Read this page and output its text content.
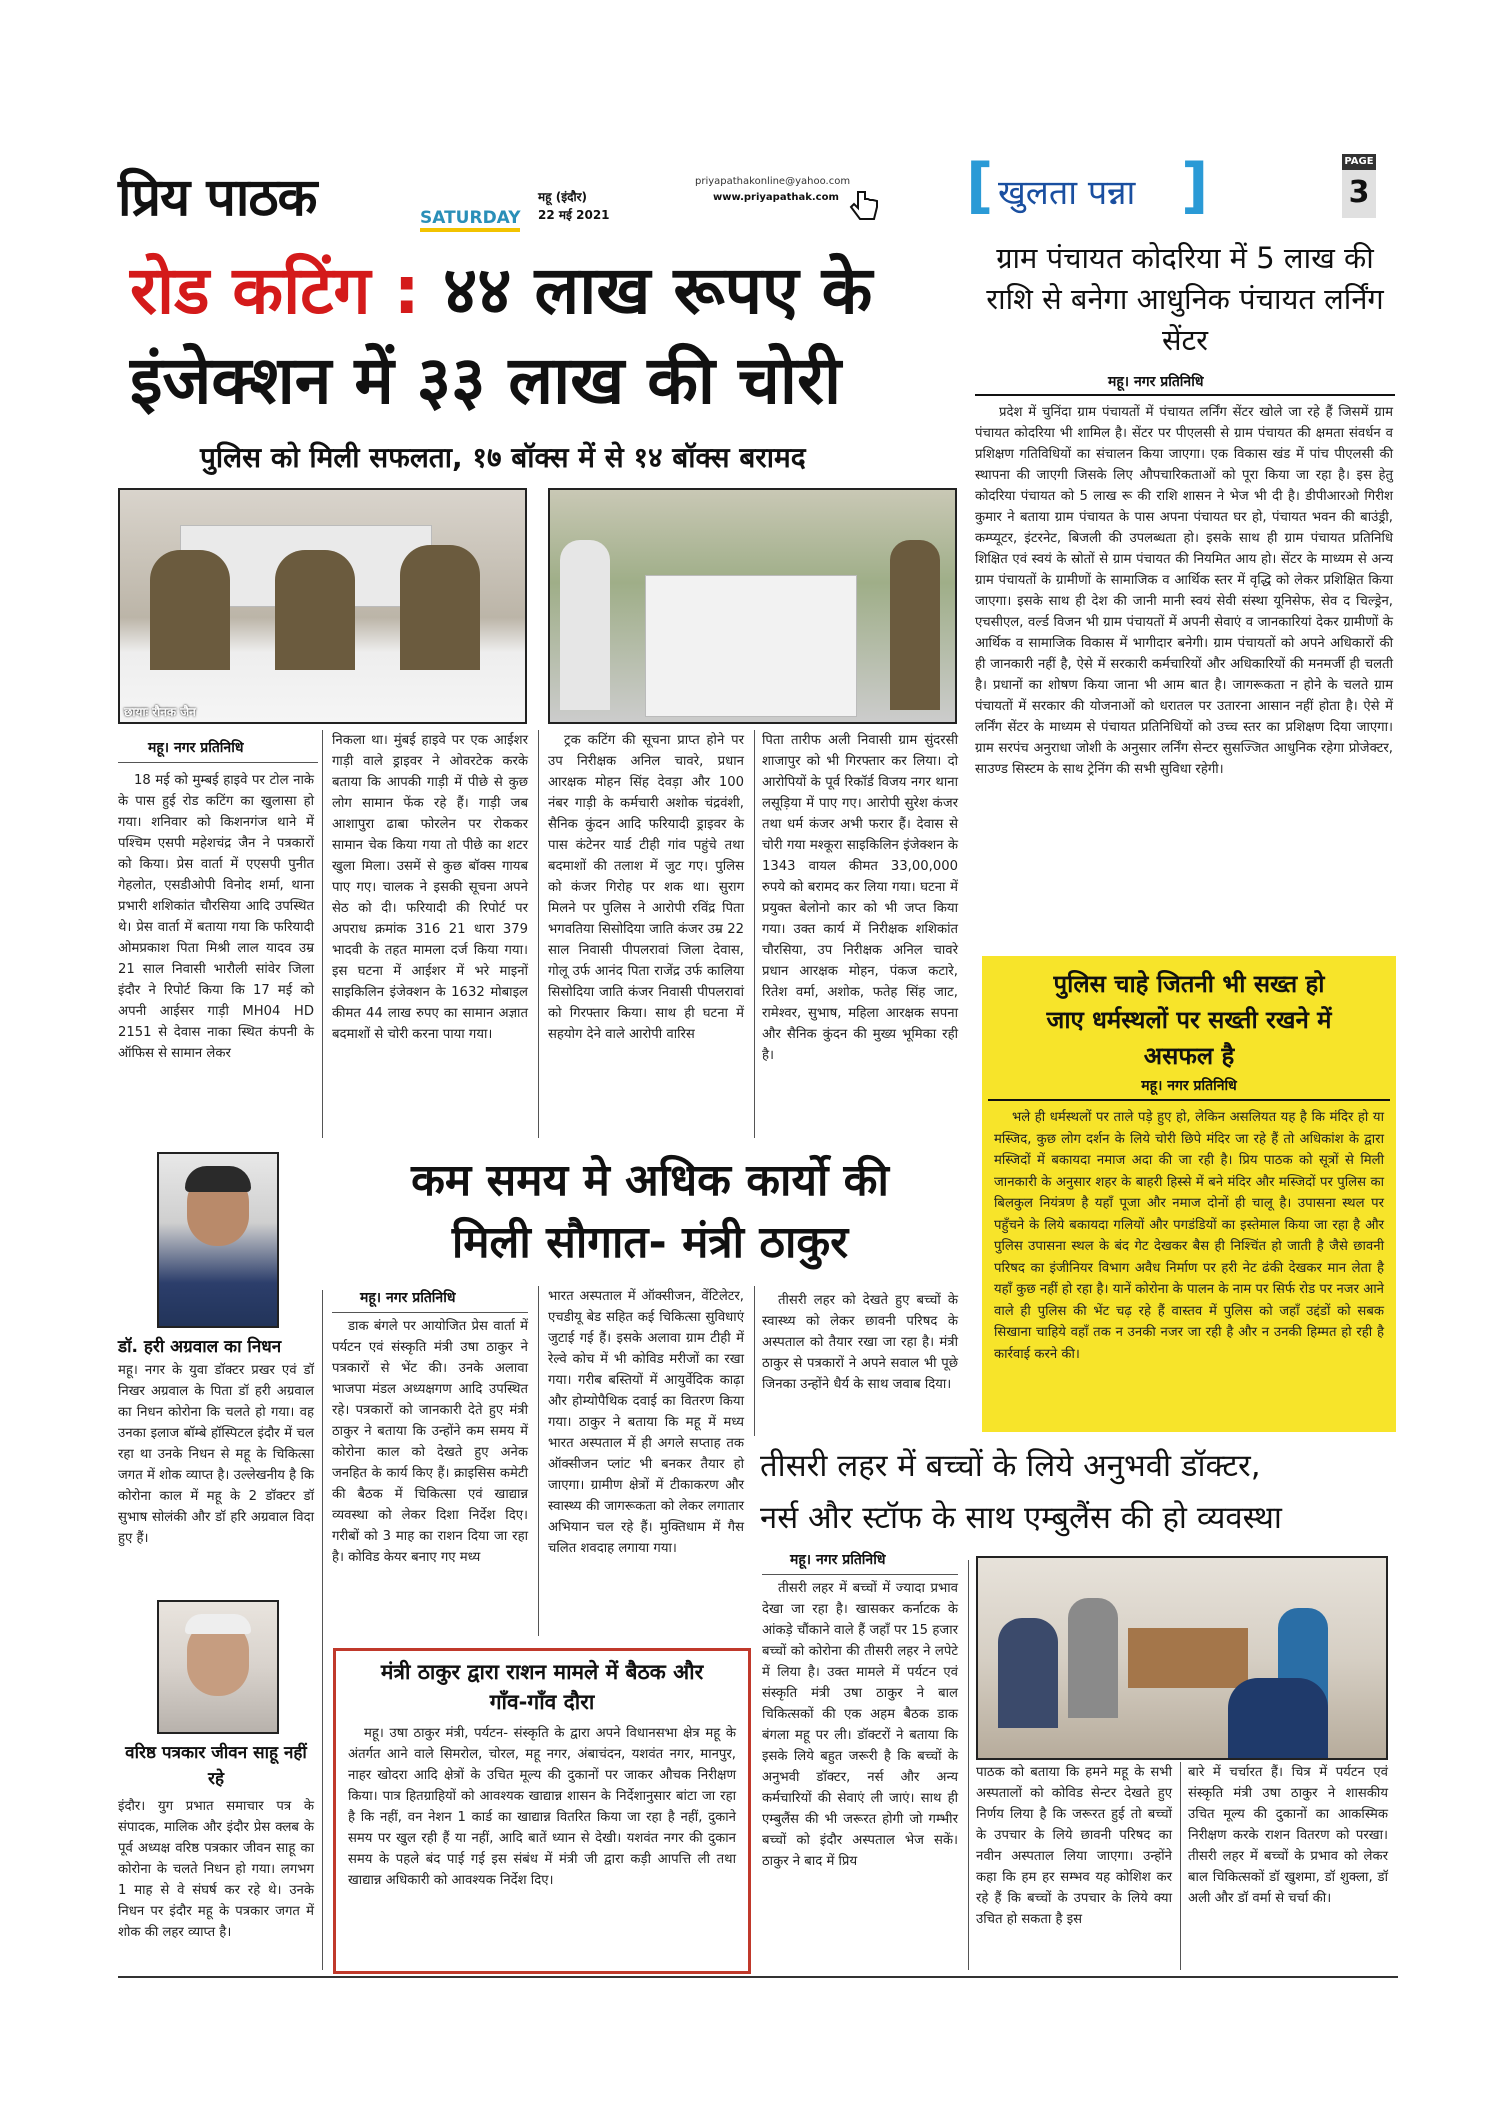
प्रिय पाठक	SATURDAY
महू (इंदौर)
22 मई 2021
priyapathakonline@yahoo.com
www.priyapathak.com [ खुलता पन्ना ]	PAGE
3
रोड कटिंग : ४४ लाख रूपए के
इंजेक्शन में ३३ लाख की चोरी
पुलिस को मिली सफलता, १७ बॉक्स में से १४ बॉक्स बरामद
छायाः रौनक जैन
महू। नगर प्रतिनिधि
18 मई को मुम्बई हाइवे पर टोल नाके के पास हुई रोड कटिंग का खुलासा हो गया। शनिवार को किशनगंज थाने में पश्चिम एसपी महेशचंद्र जैन ने पत्रकारों को किया। प्रेस वार्ता में एएसपी पुनीत गेहलोत, एसडीओपी विनोद शर्मा, थाना प्रभारी शशिकांत चौरसिया आदि उपस्थित थे। प्रेस वार्ता में बताया गया कि फरियादी ओमप्रकाश पिता मिश्री लाल यादव उम्र 21 साल निवासी भारौली सांवेर जिला इंदौर ने रिपोर्ट किया कि 17 मई को अपनी आईसर गाड़ी MH04 HD 2151 से देवास नाका स्थित कंपनी के ऑफिस से सामान लेकर
निकला था। मुंबई हाइवे पर एक आईशर गाड़ी वाले ड्राइवर ने ओवरटेक करके बताया कि आपकी गाड़ी में पीछे से कुछ लोग सामान फेंक रहे हैं। गाड़ी जब आशापुरा ढाबा फोरलेन पर रोककर सामान चेक किया गया तो पीछे का शटर खुला मिला। उसमें से कुछ बॉक्स गायब पाए गए। चालक ने इसकी सूचना अपने सेठ को दी। फरियादी की रिपोर्ट पर अपराध क्रमांक 316 21 धारा 379 भादवी के तहत मामला दर्ज किया गया। इस घटना में आईशर में भरे माइनों साइकिलिन इंजेक्शन के 1632 मोबाइल कीमत 44 लाख रुपए का सामान अज्ञात बदमाशों से चोरी करना पाया गया।
ट्रक कटिंग की सूचना प्राप्त होने पर उप निरीक्षक अनिल चावरे, प्रधान आरक्षक मोहन सिंह देवड़ा और 100 नंबर गाड़ी के कर्मचारी अशोक चंद्रवंशी, सैनिक कुंदन आदि फरियादी ड्राइवर के पास कंटेनर यार्ड टीही गांव पहुंचे तथा बदमाशों की तलाश में जुट गए। पुलिस को कंजर गिरोह पर शक था। सुराग मिलने पर पुलिस ने आरोपी रविंद्र पिता भगवतिया सिसोदिया जाति कंजर उम्र 22 साल निवासी पीपलरावां जिला देवास, गोलू उर्फ आनंद पिता राजेंद्र उर्फ कालिया सिसोदिया जाति कंजर निवासी पीपलरावां को गिरफ्तार किया। साथ ही घटना में सहयोग देने वाले आरोपी वारिस
पिता तारीफ अली निवासी ग्राम सुंदरसी शाजापुर को भी गिरफ्तार कर लिया। दो आरोपियों के पूर्व रिकॉर्ड विजय नगर थाना लसूड़िया में पाए गए। आरोपी सुरेश कंजर तथा धर्म कंजर अभी फरार हैं। देवास से चोरी गया मश्कूरा साइकिलिन इंजेक्शन के 1343 वायल कीमत 33,00,000 रुपये को बरामद कर लिया गया। घटना में प्रयुक्त बेलोनो कार को भी जप्त किया गया। उक्त कार्य में निरीक्षक शशिकांत चौरसिया, उप निरीक्षक अनिल चावरे प्रधान आरक्षक मोहन, पंकज कटारे, रितेश वर्मा, अशोक, फतेह सिंह जाट, रामेश्वर, सुभाष, महिला आरक्षक सपना और सैनिक कुंदन की मुख्य भूमिका रही है।
ग्राम पंचायत कोदरिया में 5 लाख की राशि से बनेगा आधुनिक पंचायत लर्निंग सेंटर
महू। नगर प्रतिनिधि
प्रदेश में चुनिंदा ग्राम पंचायतों में पंचायत लर्निंग सेंटर खोले जा रहे हैं जिसमें ग्राम पंचायत कोदरिया भी शामिल है। सेंटर पर पीएलसी से ग्राम पंचायत की क्षमता संवर्धन व प्रशिक्षण गतिविधियों का संचालन किया जाएगा। एक विकास खंड में पांच पीएलसी की स्थापना की जाएगी जिसके लिए औपचारिकताओं को पूरा किया जा रहा है। इस हेतु कोदरिया पंचायत को 5 लाख रू की राशि शासन ने भेज भी दी है। डीपीआरओ गिरीश कुमार ने बताया ग्राम पंचायत के पास अपना पंचायत घर हो, पंचायत भवन की बाउंड्री, कम्प्यूटर, इंटरनेट, बिजली की उपलब्धता हो। इसके साथ ही ग्राम पंचायत प्रतिनिधि शिक्षित एवं स्वयं के स्रोतों से ग्राम पंचायत की नियमित आय हो। सेंटर के माध्यम से अन्य ग्राम पंचायतों के ग्रामीणों के सामाजिक व आर्थिक स्तर में वृद्धि को लेकर प्रशिक्षित किया जाएगा। इसके साथ ही देश की जानी मानी स्वयं सेवी संस्था यूनिसेफ, सेव द चिल्ड्रेन, एचसीएल, वर्ल्ड विजन भी ग्राम पंचायतों में अपनी सेवाएं व जानकारियां देकर ग्रामीणों के आर्थिक व सामाजिक विकास में भागीदार बनेगी। ग्राम पंचायतों को अपने अधिकारों की ही जानकारी नहीं है, ऐसे में सरकारी कर्मचारियों और अधिकारियों की मनमर्जी ही चलती है। प्रधानों का शोषण किया जाना भी आम बात है। जागरूकता न होने के चलते ग्राम पंचायतों में सरकार की योजनाओं को धरातल पर उतारना आसान नहीं होता है। ऐसे में लर्निंग सेंटर के माध्यम से पंचायत प्रतिनिधियों को उच्च स्तर का प्रशिक्षण दिया जाएगा। ग्राम सरपंच अनुराधा जोशी के अनुसार लर्निंग सेन्टर सुसज्जित आधुनिक रहेगा प्रोजेक्टर, साउण्ड सिस्टम के साथ ट्रेनिंग की सभी सुविधा रहेगी।
पुलिस चाहे जितनी भी सख्त हो जाए धर्मस्थलों पर सख्ती रखने में असफल है
महू। नगर प्रतिनिधि
भले ही धर्मस्थलों पर ताले पड़े हुए हो, लेकिन असलियत यह है कि मंदिर हो या मस्जिद, कुछ लोग दर्शन के लिये चोरी छिपे मंदिर जा रहे हैं तो अधिकांश के द्वारा मस्जिदों में बकायदा नमाज अदा की जा रही है। प्रिय पाठक को सूत्रों से मिली जानकारी के अनुसार शहर के बाहरी हिस्से में बने मंदिर और मस्जिदों पर पुलिस का बिलकुल नियंत्रण है यहाँ पूजा और नमाज दोनों ही चालू है। उपासना स्थल पर पहुँचने के लिये बकायदा गलियों और पगडंडियों का इस्तेमाल किया जा रहा है और पुलिस उपासना स्थल के बंद गेट देखकर बैस ही निश्चिंत हो जाती है जैसे छावनी परिषद का इंजीनियर विभाग अवैध निर्माण पर हरी नेट ढंकी देखकर मान लेता है यहाँ कुछ नहीं हो रहा है। यानें कोरोना के पालन के नाम पर सिर्फ रोड पर नजर आने वाले ही पुलिस की भेंट चढ़ रहे हैं वास्तव में पुलिस को जहाँ उद्दंडों को सबक सिखाना चाहिये वहाँ तक न उनकी नजर जा रही है और न उनकी हिम्मत हो रही है कार्रवाई करने की।
कम समय मे अधिक कार्यो की
मिली सौगात- मंत्री ठाकुर
महू। नगर प्रतिनिधि
डाक बंगले पर आयोजित प्रेस वार्ता में पर्यटन एवं संस्कृति मंत्री उषा ठाकुर ने पत्रकारों से भेंट की। उनके अलावा भाजपा मंडल अध्यक्षगण आदि उपस्थित रहे। पत्रकारों को जानकारी देते हुए मंत्री ठाकुर ने बताया कि उन्होंने कम समय में कोरोना काल को देखते हुए अनेक जनहित के कार्य किए हैं। क्राइसिस कमेटी की बैठक में चिकित्सा एवं खाद्यान्न व्यवस्था को लेकर दिशा निर्देश दिए। गरीबों को 3 माह का राशन दिया जा रहा है। कोविड केयर बनाए गए मध्य
भारत अस्पताल में ऑक्सीजन, वेंटिलेटर, एचडीयू बेड सहित कई चिकित्सा सुविधाएं जुटाई गई हैं। इसके अलावा ग्राम टीही में रेल्वे कोच में भी कोविड मरीजों का रखा गया। गरीब बस्तियों में आयुर्वेदिक काढ़ा और होम्योपैथिक दवाई का वितरण किया गया। ठाकुर ने बताया कि महू में मध्य भारत अस्पताल में ही अगले सप्ताह तक ऑक्सीजन प्लांट भी बनकर तैयार हो जाएगा। ग्रामीण क्षेत्रों में टीकाकरण और स्वास्थ्य की जागरूकता को लेकर लगातार अभियान चल रहे हैं। मुक्तिधाम में गैस चलित शवदाह लगाया गया।
तीसरी लहर को देखते हुए बच्चों के स्वास्थ्य को लेकर छावनी परिषद के अस्पताल को तैयार रखा जा रहा है। मंत्री ठाकुर से पत्रकारों ने अपने सवाल भी पूछे जिनका उन्होंने धैर्य के साथ जवाब दिया।
डॉ. हरी अग्रवाल का निधन
महू। नगर के युवा डॉक्टर प्रखर एवं डॉ निखर अग्रवाल के पिता डॉ हरी अग्रवाल का निधन कोरोना कि चलते हो गया। वह उनका इलाज बॉम्बे हॉस्पिटल इंदौर में चल रहा था उनके निधन से महू के चिकित्सा जगत में शोक व्याप्त है। उल्लेखनीय है कि कोरोना काल में महू के 2 डॉक्टर डॉ सुभाष सोलंकी और डॉ हरि अग्रवाल विदा हुए हैं।
वरिष्ठ पत्रकार जीवन साहू नहीं रहे
इंदौर। युग प्रभात समाचार पत्र के संपादक, मालिक और इंदौर प्रेस क्लब के पूर्व अध्यक्ष वरिष्ठ पत्रकार जीवन साहू का कोरोना के चलते निधन हो गया। लगभग 1 माह से वे संघर्ष कर रहे थे। उनके निधन पर इंदौर महू के पत्रकार जगत में शोक की लहर व्याप्त है।
मंत्री ठाकुर द्वारा राशन मामले में बैठक और गाँव-गाँव दौरा
महू। उषा ठाकुर मंत्री, पर्यटन- संस्कृति के द्वारा अपने विधानसभा क्षेत्र महू के अंतर्गत आने वाले सिमरोल, चोरल, महू नगर, अंबाचंदन, यशवंत नगर, मानपुर, नाहर खोदरा आदि क्षेत्रों के उचित मूल्य की दुकानों पर जाकर औचक निरीक्षण किया। पात्र हितग्राहियों को आवश्यक खाद्यान्न शासन के निर्देशानुसार बांटा जा रहा है कि नहीं, वन नेशन 1 कार्ड का खाद्यान्न वितरित किया जा रहा है नहीं, दुकाने समय पर खुल रही हैं या नहीं, आदि बातें ध्यान से देखी। यशवंत नगर की दुकान समय के पहले बंद पाई गई इस संबंध में मंत्री जी द्वारा कड़ी आपत्ति ली तथा खाद्यान्न अधिकारी को आवश्यक निर्देश दिए।
तीसरी लहर में बच्चों के लिये अनुभवी डॉक्टर,
नर्स और स्टॉफ के साथ एम्बुलैंस की हो व्यवस्था
महू। नगर प्रतिनिधि
तीसरी लहर में बच्चों में ज्यादा प्रभाव देखा जा रहा है। खासकर कर्नाटक के आंकड़े चौंकाने वाले हैं जहाँ पर 15 हजार बच्चों को कोरोना की तीसरी लहर ने लपेटे में लिया है। उक्त मामले में पर्यटन एवं संस्कृति मंत्री उषा ठाकुर ने बाल चिकित्सकों की एक अहम बैठक डाक बंगला महू पर ली। डॉक्टरों ने बताया कि इसके लिये बहुत जरूरी है कि बच्चों के अनुभवी डॉक्टर, नर्स और अन्य कर्मचारियों की सेवाएं ली जाएं। साथ ही एम्बुलैंस की भी जरूरत होगी जो गम्भीर बच्चों को इंदौर अस्पताल भेज सकें। ठाकुर ने बाद में प्रिय
पाठक को बताया कि हमने महू के सभी अस्पतालों को कोविड सेन्टर देखते हुए निर्णय लिया है कि जरूरत हुई तो बच्चों के उपचार के लिये छावनी परिषद का नवीन अस्पताल लिया जाएगा। उन्होंने कहा कि हम हर सम्भव यह कोशिश कर रहे हैं कि बच्चों के उपचार के लिये क्या उचित हो सकता है इस
बारे में चर्चारत हैं। चित्र में पर्यटन एवं संस्कृति मंत्री उषा ठाकुर ने शासकीय उचित मूल्य की दुकानों का आकस्मिक निरीक्षण करके राशन वितरण को परखा। तीसरी लहर में बच्चों के प्रभाव को लेकर बाल चिकित्सकों डॉ खुशमा, डॉ शुक्ला, डॉ अली और डॉ वर्मा से चर्चा की।
